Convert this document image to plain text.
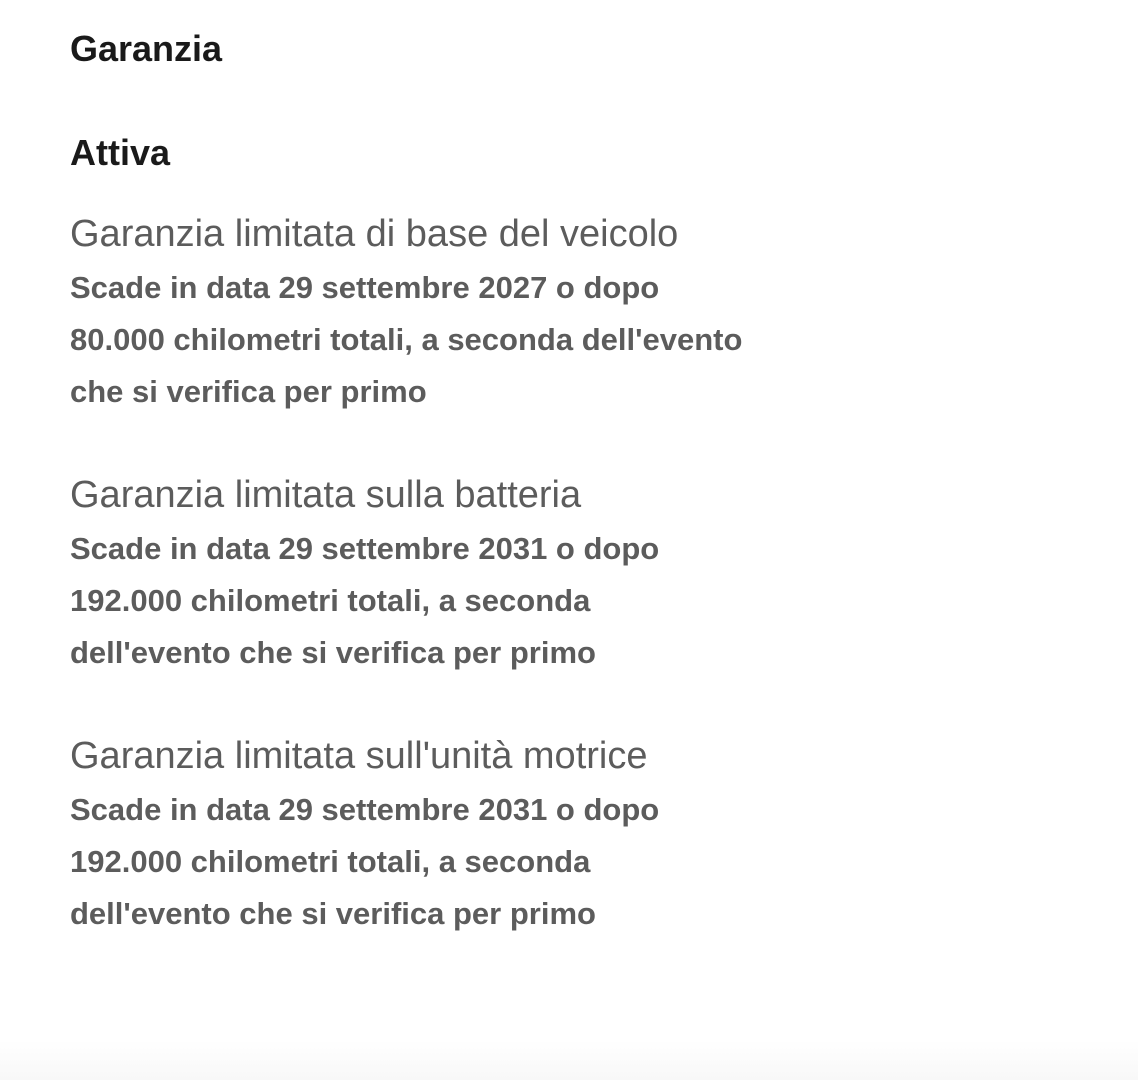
Garanzia
Attiva

Garanzia limitata di base del veicolo

Scade in data 29 settembre 2027 o dopo 80.000 chilometri totali, a seconda dell'evento che si verifica per primo

Garanzia limitata sulla batteria

Scade in data 29 settembre 2031 o dopo 192.000 chilometri totali, a seconda dell'evento che si verifica per primo

Garanzia limitata sull'unità motrice

Scade in data 29 settembre 2031 o dopo 192.000 chilometri totali, a seconda dell'evento che si verifica per primo
